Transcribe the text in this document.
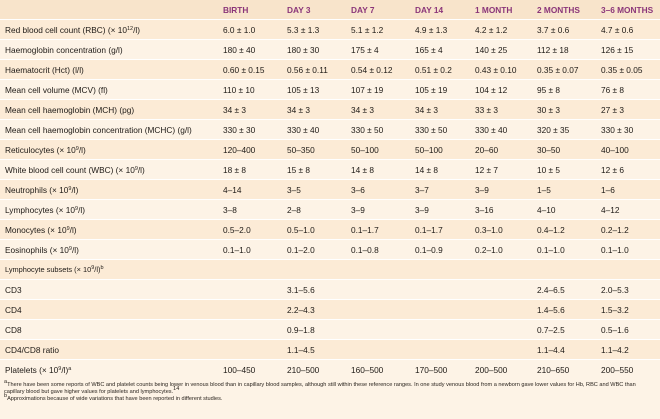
	BIRTH	DAY 3	DAY 7	DAY 14	1 MONTH	2 MONTHS	3–6 MONTHS
Red blood cell count (RBC) (× $10^{12}/l$)	6.0 ± 1.0	5.3 ± 1.3	5.1 ± 1.2	4.9 ± 1.3	4.2 ± 1.2	3.7 ± 0.6	4.7 ± 0.6
Haemoglobin concentration (g/l)	180 ± 40	180 ± 30	175 ± 4	165 ± 4	140 ± 25	112 ± 18	126 ± 15
Haematocrit (Hct) (l/l)	0.60 ± 0.15	0.56 ± 0.11	0.54 ± 0.12	0.51 ± 0.2	0.43 ± 0.10	0.35 ± 0.07	0.35 ± 0.05
Mean cell volume (MCV) (fl)	110 ± 10	105 ± 13	107 ± 19	105 ± 19	104 ± 12	95 ± 8	76 ± 8
Mean cell haemoglobin (MCH) (pg)	34 ± 3	34 ± 3	34 ± 3	34 ± 3	33 ± 3	30 ± 3	27 ± 3
Mean cell haemoglobin concentration (MCHC) (g/l)	330 ± 30	330 ± 40	330 ± 50	330 ± 50	330 ± 40	320 ± 35	330 ± 30
Reticulocytes (× $10^9/l$)	120–400	50–350	50–100	50–100	20–60	30–50	40–100
White blood cell count (WBC) (× $10^9/l$)	18 ± 8	15 ± 8	14 ± 8	14 ± 8	12 ± 7	10 ± 5	12 ± 6
Neutrophils (× $10^9/l$)	4–14	3–5	3–6	3–7	3–9	1–5	1–6
Lymphocytes (× $10^9/l$)	3–8	2–8	3–9	3–9	3–16	4–10	4–12
Monocytes (× $10^9/l$)	0.5–2.0	0.5–1.0	0.1–1.7	0.1–1.7	0.3–1.0	0.4–1.2	0.2–1.2
Eosinophils (× $10^9/l$)	0.1–1.0	0.1–2.0	0.1–0.8	0.1–0.9	0.2–1.0	0.1–1.0	0.1–1.0
Lymphocyte subsets (× $10^9/l)^b$							
CD3		3.1–5.6				2.4–6.5	2.0–5.3
CD4		2.2–4.3				1.4–5.6	1.5–3.2
CD8		0.9–1.8				0.7–2.5	0.5–1.6
CD4/CD8 ratio		1.1–4.5				1.1–4.4	1.1–4.2
Platelets (× $10^9/l)^a$	100–450	210–500	160–500	170–500	200–500	210–650	200–550

$^a$There have been some reports of WBC and platelet counts being lower in venous blood than in capillary blood samples, although still within these reference ranges. In one study venous blood from a newborn gave lower values for Hb, RBC and WBC than capillary blood but gave higher values for platelets and lymphocytes.$^{14}$

$^b$Approximations because of wide variations that have been reported in different studies.
